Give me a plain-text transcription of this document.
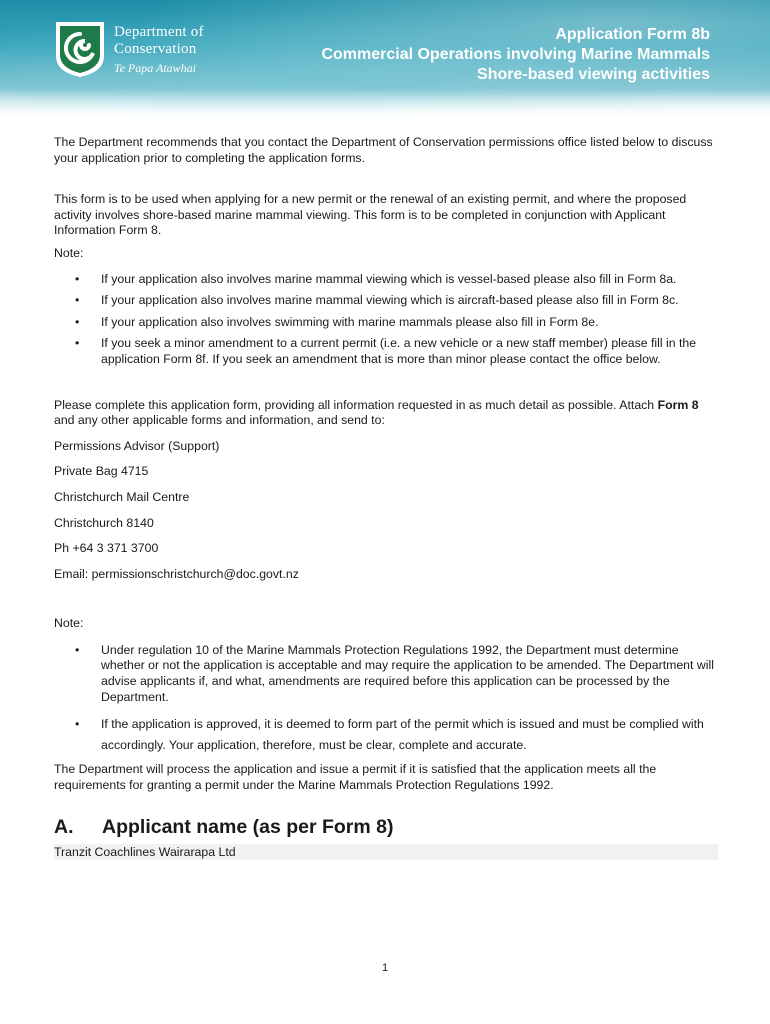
Department of
Conservation
Te Papa Atawhai
Application Form 8b
Commercial Operations involving Marine Mammals
Shore-based viewing activities

The Department recommends that you contact the Department of Conservation permissions office listed below to discuss your application prior to completing the application forms.

This form is to be used when applying for a new permit or the renewal of an existing permit, and where the proposed activity involves shore-based marine mammal viewing. This form is to be completed in conjunction with Applicant Information Form 8.

Note:

• If your application also involves marine mammal viewing which is vessel-based please also fill in Form 8a.
• If your application also involves marine mammal viewing which is aircraft-based please also fill in Form 8c.
• If your application also involves swimming with marine mammals please also fill in Form 8e.
• If you seek a minor amendment to a current permit (i.e. a new vehicle or a new staff member) please fill in the application Form 8f. If you seek an amendment that is more than minor please contact the office below.

Please complete this application form, providing all information requested in as much detail as possible. Attach Form 8 and any other applicable forms and information, and send to:

Permissions Advisor (Support)

Private Bag 4715

Christchurch Mail Centre

Christchurch 8140

Ph +64 3 371 3700

Email: permissionschristchurch@doc.govt.nz

Note:

• Under regulation 10 of the Marine Mammals Protection Regulations 1992, the Department must determine whether or not the application is acceptable and may require the application to be amended. The Department will advise applicants if, and what, amendments are required before this application can be processed by the Department.
• If the application is approved, it is deemed to form part of the permit which is issued and must be complied with accordingly. Your application, therefore, must be clear, complete and accurate.

The Department will process the application and issue a permit if it is satisfied that the application meets all the requirements for granting a permit under the Marine Mammals Protection Regulations 1992.

A. Applicant name (as per Form 8)
Tranzit Coachlines Wairarapa Ltd
1
